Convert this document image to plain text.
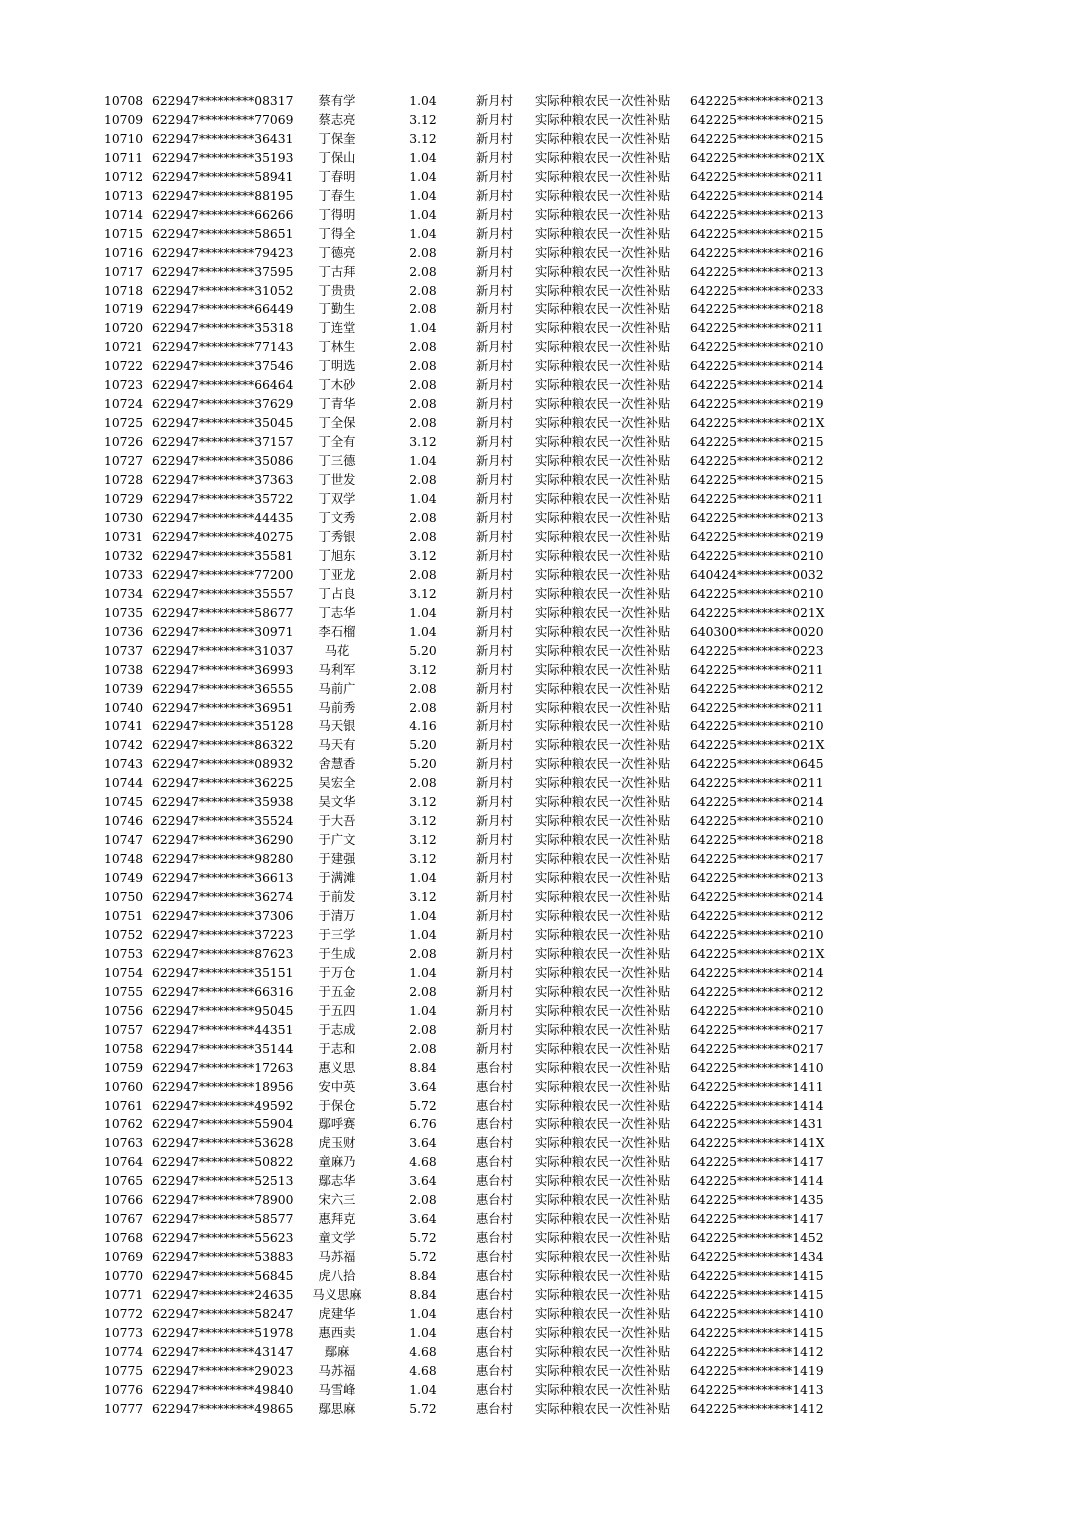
10708 622947*********08317	蔡有学	1.04	新月村 实际种粮农民一次性补贴 642225*********0213
10709 622947*********77069	蔡志亮	3.12	新月村 实际种粮农民一次性补贴 642225*********0215
10710 622947*********36431	丁保奎	3.12	新月村 实际种粮农民一次性补贴 642225*********0215
10711 622947*********35193	丁保山	1.04	新月村 实际种粮农民一次性补贴 642225*********021X
10712 622947*********58941	丁春明	1.04	新月村 实际种粮农民一次性补贴 642225*********0211
10713 622947*********88195	丁春生	1.04	新月村 实际种粮农民一次性补贴 642225*********0214
10714 622947*********66266	丁得明	1.04	新月村 实际种粮农民一次性补贴 642225*********0213
10715 622947*********58651	丁得全	1.04	新月村 实际种粮农民一次性补贴 642225*********0215
10716 622947*********79423	丁德亮	2.08	新月村 实际种粮农民一次性补贴 642225*********0216
10717 622947*********37595	丁古拜	2.08	新月村 实际种粮农民一次性补贴 642225*********0213
10718 622947*********31052	丁贵贵	2.08	新月村 实际种粮农民一次性补贴 642225*********0233
10719 622947*********66449	丁勤生	2.08	新月村 实际种粮农民一次性补贴 642225*********0218
10720 622947*********35318	丁连堂	1.04	新月村 实际种粮农民一次性补贴 642225*********0211
10721 622947*********77143	丁林生	2.08	新月村 实际种粮农民一次性补贴 642225*********0210
10722 622947*********37546	丁明选	2.08	新月村 实际种粮农民一次性补贴 642225*********0214
10723 622947*********66464	丁木砂	2.08	新月村 实际种粮农民一次性补贴 642225*********0214
10724 622947*********37629	丁青华	2.08	新月村 实际种粮农民一次性补贴 642225*********0219
10725 622947*********35045	丁全保	2.08	新月村 实际种粮农民一次性补贴 642225*********021X
10726 622947*********37157	丁全有	3.12	新月村 实际种粮农民一次性补贴 642225*********0215
10727 622947*********35086	丁三德	1.04	新月村 实际种粮农民一次性补贴 642225*********0212
10728 622947*********37363	丁世发	2.08	新月村 实际种粮农民一次性补贴 642225*********0215
10729 622947*********35722	丁双学	1.04	新月村 实际种粮农民一次性补贴 642225*********0211
10730 622947*********44435	丁文秀	2.08	新月村 实际种粮农民一次性补贴 642225*********0213
10731 622947*********40275	丁秀银	2.08	新月村 实际种粮农民一次性补贴 642225*********0219
10732 622947*********35581	丁旭东	3.12	新月村 实际种粮农民一次性补贴 642225*********0210
10733 622947*********77200	丁亚龙	2.08	新月村 实际种粮农民一次性补贴 640424*********0032
10734 622947*********35557	丁占良	3.12	新月村 实际种粮农民一次性补贴 642225*********0210
10735 622947*********58677	丁志华	1.04	新月村 实际种粮农民一次性补贴 642225*********021X
10736 622947*********30971	李石榴	1.04	新月村 实际种粮农民一次性补贴 640300*********0020
10737 622947*********31037	马花	5.20	新月村 实际种粮农民一次性补贴 642225*********0223
10738 622947*********36993	马利军	3.12	新月村 实际种粮农民一次性补贴 642225*********0211
10739 622947*********36555	马前广	2.08	新月村 实际种粮农民一次性补贴 642225*********0212
10740 622947*********36951	马前秀	2.08	新月村 实际种粮农民一次性补贴 642225*********0211
10741 622947*********35128	马天银	4.16	新月村 实际种粮农民一次性补贴 642225*********0210
10742 622947*********86322	马天有	5.20	新月村 实际种粮农民一次性补贴 642225*********021X
10743 622947*********08932	舍慧香	5.20	新月村 实际种粮农民一次性补贴 642225*********0645
10744 622947*********36225	吴宏全	2.08	新月村 实际种粮农民一次性补贴 642225*********0211
10745 622947*********35938	吴文华	3.12	新月村 实际种粮农民一次性补贴 642225*********0214
10746 622947*********35524	于大吾	3.12	新月村 实际种粮农民一次性补贴 642225*********0210
10747 622947*********36290	于广文	3.12	新月村 实际种粮农民一次性补贴 642225*********0218
10748 622947*********98280	于建强	3.12	新月村 实际种粮农民一次性补贴 642225*********0217
10749 622947*********36613	于满滩	1.04	新月村 实际种粮农民一次性补贴 642225*********0213
10750 622947*********36274	于前发	3.12	新月村 实际种粮农民一次性补贴 642225*********0214
10751 622947*********37306	于清万	1.04	新月村 实际种粮农民一次性补贴 642225*********0212
10752 622947*********37223	于三学	1.04	新月村 实际种粮农民一次性补贴 642225*********0210
10753 622947*********87623	于生成	2.08	新月村 实际种粮农民一次性补贴 642225*********021X
10754 622947*********35151	于万仓	1.04	新月村 实际种粮农民一次性补贴 642225*********0214
10755 622947*********66316	于五金	2.08	新月村 实际种粮农民一次性补贴 642225*********0212
10756 622947*********95045	于五四	1.04	新月村 实际种粮农民一次性补贴 642225*********0210
10757 622947*********44351	于志成	2.08	新月村 实际种粮农民一次性补贴 642225*********0217
10758 622947*********35144	于志和	2.08	新月村 实际种粮农民一次性补贴 642225*********0217
10759 622947*********17263	惠义思	8.84	惠台村 实际种粮农民一次性补贴 642225*********1410
10760 622947*********18956	安中英	3.64	惠台村 实际种粮农民一次性补贴 642225*********1411
10761 622947*********49592	于保仓	5.72	惠台村 实际种粮农民一次性补贴 642225*********1414
10762 622947*********55904	鄢呼赛	6.76	惠台村 实际种粮农民一次性补贴 642225*********1431
10763 622947*********53628	虎玉财	3.64	惠台村 实际种粮农民一次性补贴 642225*********141X
10764 622947*********50822	童麻乃	4.68	惠台村 实际种粮农民一次性补贴 642225*********1417
10765 622947*********52513	鄢志华	3.64	惠台村 实际种粮农民一次性补贴 642225*********1414
10766 622947*********78900	宋六三	2.08	惠台村 实际种粮农民一次性补贴 642225*********1435
10767 622947*********58577	惠拜克	3.64	惠台村 实际种粮农民一次性补贴 642225*********1417
10768 622947*********55623	童文学	5.72	惠台村 实际种粮农民一次性补贴 642225*********1452
10769 622947*********53883	马苏福	5.72	惠台村 实际种粮农民一次性补贴 642225*********1434
10770 622947*********56845	虎八拾	8.84	惠台村 实际种粮农民一次性补贴 642225*********1415
10771 622947*********24635	马义思麻	8.84	惠台村 实际种粮农民一次性补贴 642225*********1415
10772 622947*********58247	虎建华	1.04	惠台村 实际种粮农民一次性补贴 642225*********1410
10773 622947*********51978	惠西卖	1.04	惠台村 实际种粮农民一次性补贴 642225*********1415
10774 622947*********43147	鄢麻	4.68	惠台村 实际种粮农民一次性补贴 642225*********1412
10775 622947*********29023	马苏福	4.68	惠台村 实际种粮农民一次性补贴 642225*********1419
10776 622947*********49840	马雪峰	1.04	惠台村 实际种粮农民一次性补贴 642225*********1413
10777 622947*********49865	鄢思麻	5.72	惠台村 实际种粮农民一次性补贴 642225*********1412
